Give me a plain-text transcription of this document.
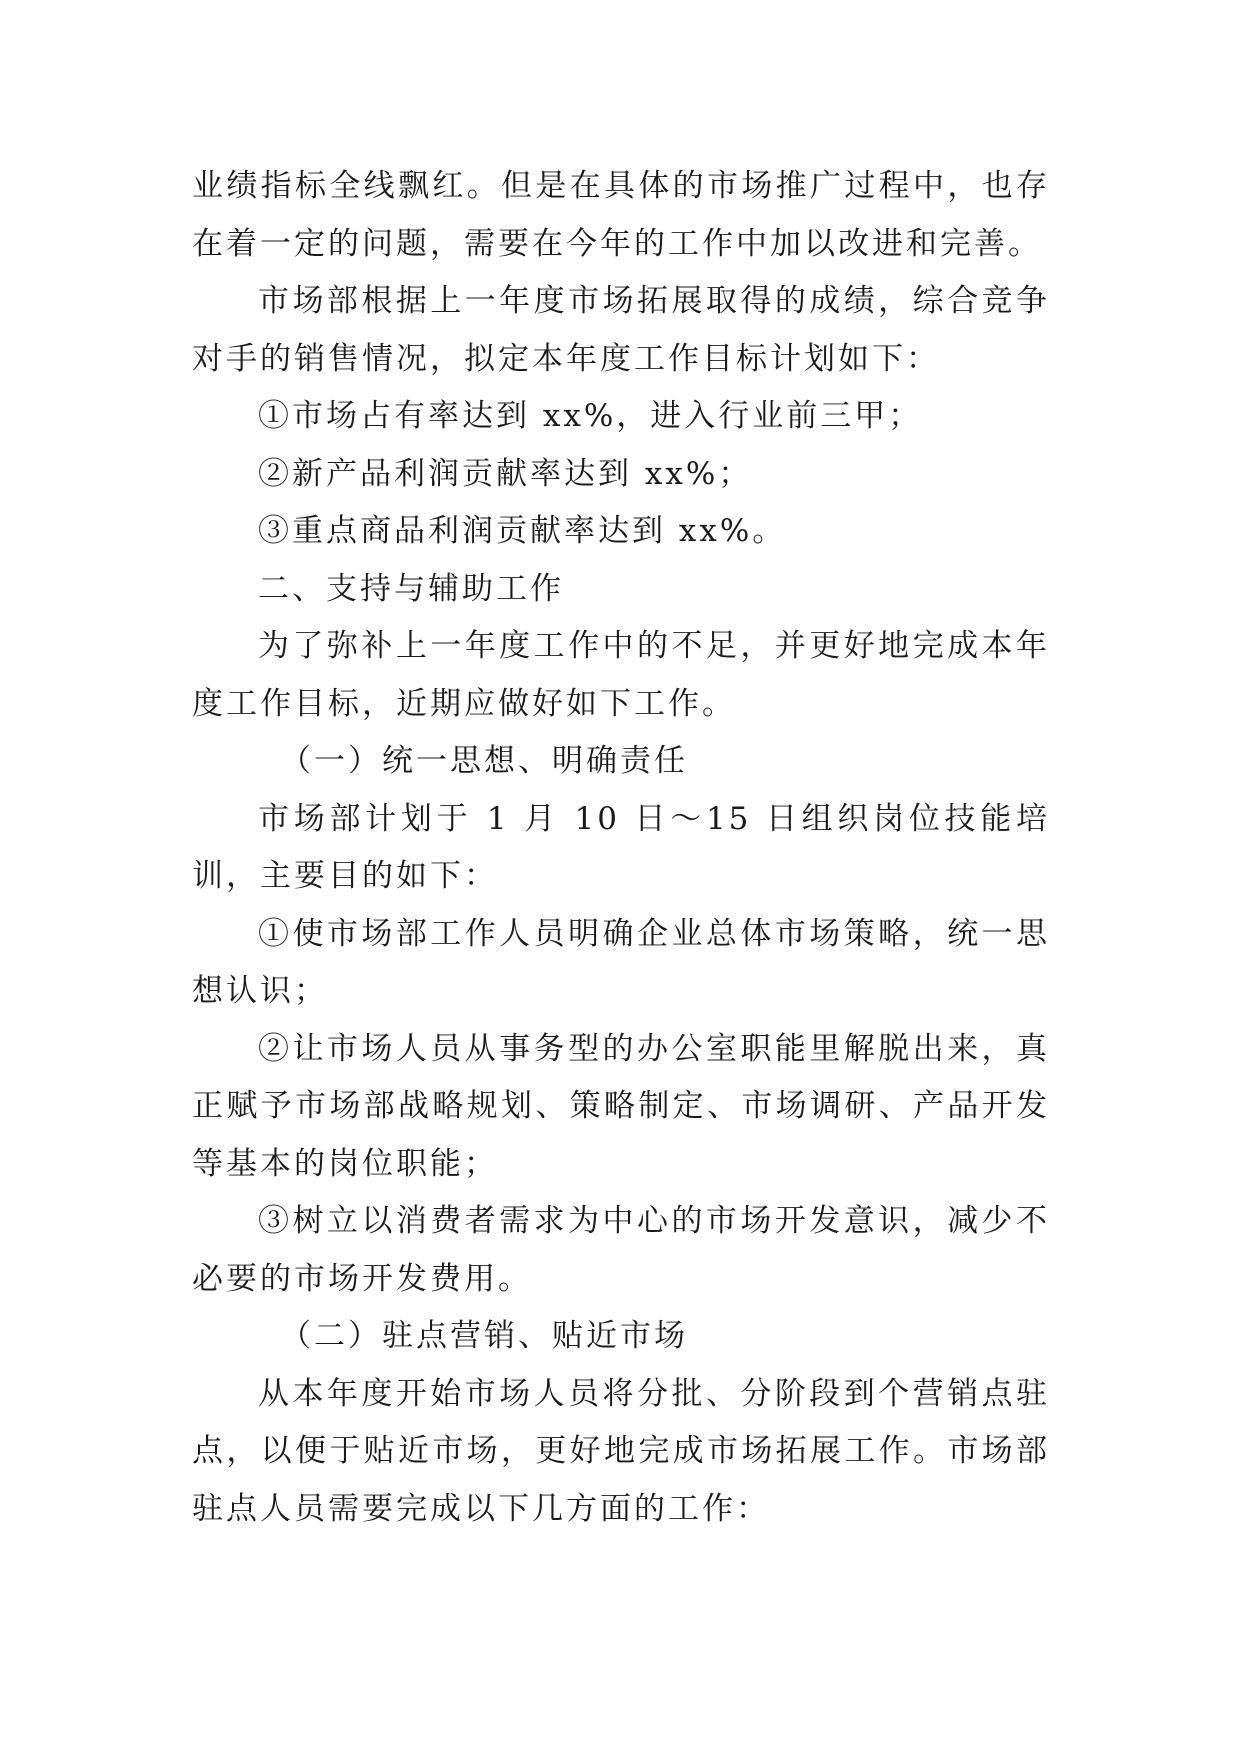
业绩指标全线飘红。但是在具体的市场推广过程中，也存在着一定的问题，需要在今年的工作中加以改进和完善。

市场部根据上一年度市场拓展取得的成绩，综合竞争对手的销售情况，拟定本年度工作目标计划如下：

①市场占有率达到 xx%，进入行业前三甲；

②新产品利润贡献率达到 xx%；

③重点商品利润贡献率达到 xx%。

二、支持与辅助工作

为了弥补上一年度工作中的不足，并更好地完成本年度工作目标，近期应做好如下工作。

（一）统一思想、明确责任

市场部计划于 1 月 10 日～15 日组织岗位技能培训，主要目的如下：

①使市场部工作人员明确企业总体市场策略，统一思想认识；

②让市场人员从事务型的办公室职能里解脱出来，真正赋予市场部战略规划、策略制定、市场调研、产品开发等基本的岗位职能；

③树立以消费者需求为中心的市场开发意识，减少不必要的市场开发费用。

（二）驻点营销、贴近市场

从本年度开始市场人员将分批、分阶段到个营销点驻点，以便于贴近市场，更好地完成市场拓展工作。市场部驻点人员需要完成以下几方面的工作：
